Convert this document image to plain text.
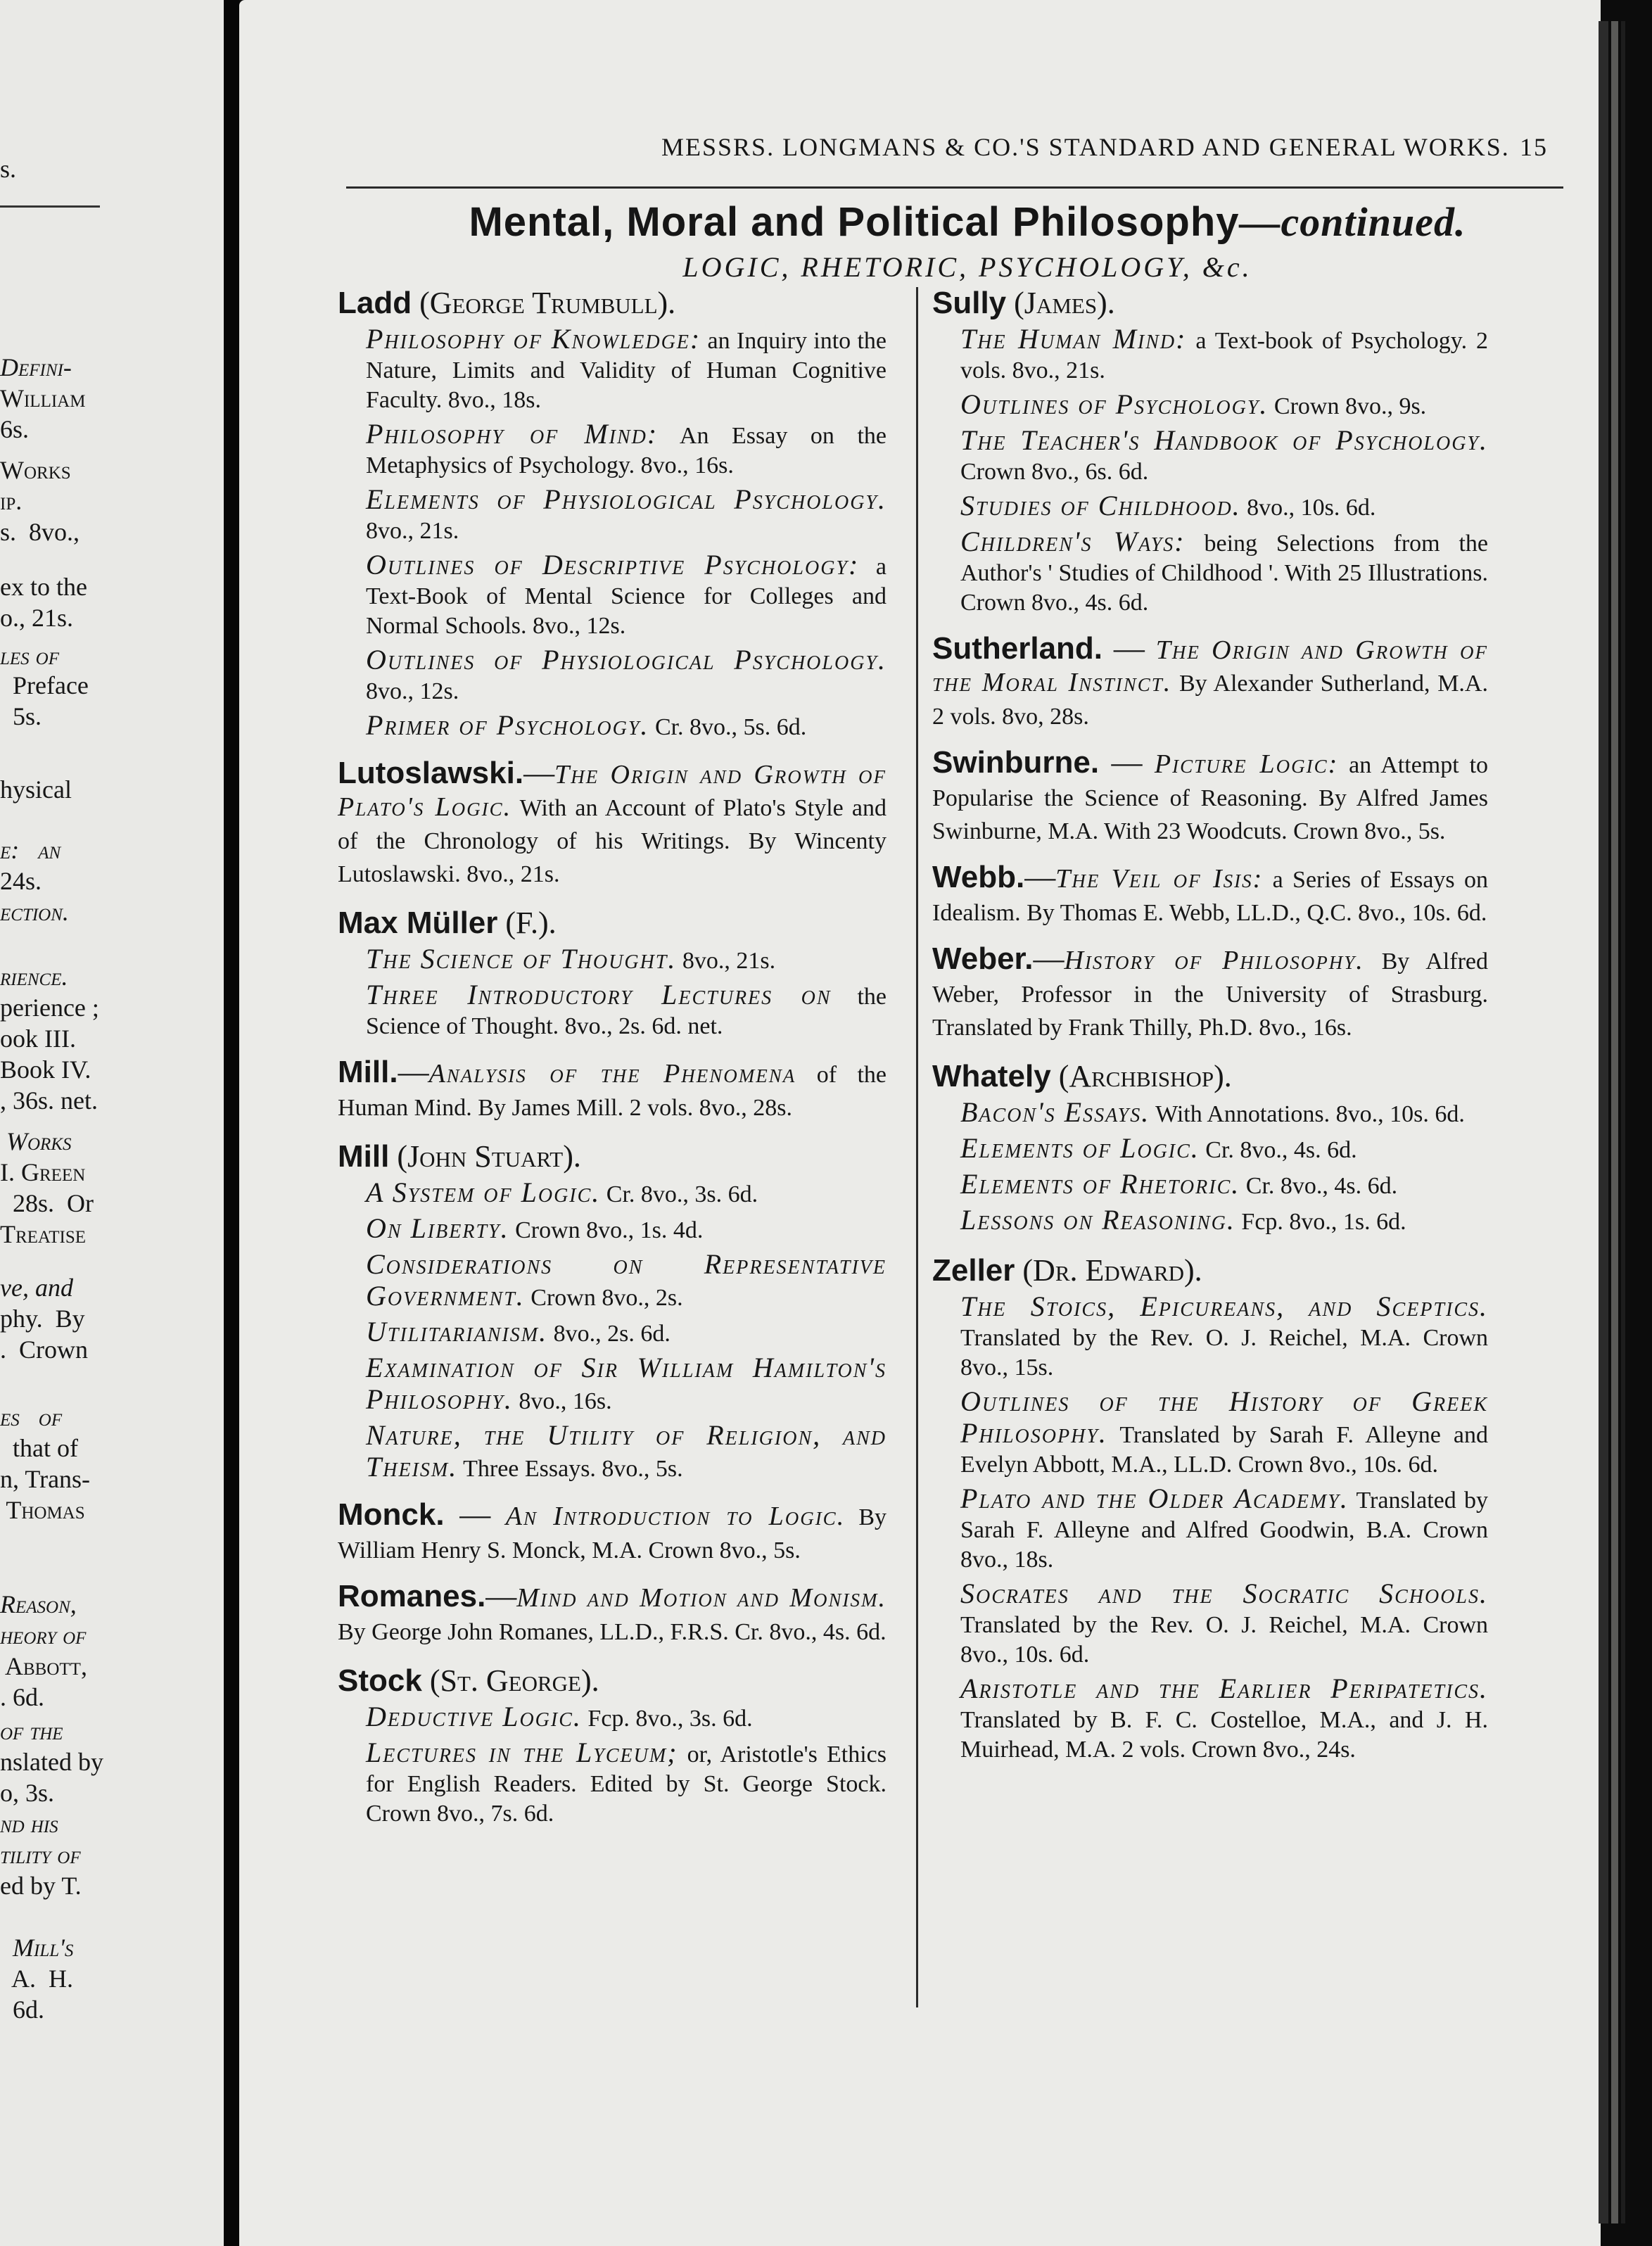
s.
Defini-
William
6s.
Works
ip.
s.  8vo.,
ex to the
o., 21s.
les of
Preface
5s.
hysical
e:   an
24s.
ection.
rience.
perience ;
ook III.
Book IV.
, 36s. net.
Works
I. Green
28s.  Or
Treatise
ve, and
phy.  By
.  Crown
es   of
that of
n, Trans-
Thomas
Reason,
heory of
Abbott,
. 6d.
of the
nslated by
o, 3s.
nd his
tility of
ed by T.
Mill's
A.  H.
6d.
MESSRS. LONGMANS & CO.'S STANDARD AND GENERAL WORKS. 15
Mental, Moral and Political Philosophy—continued.
LOGIC, RHETORIC, PSYCHOLOGY, &c.
Ladd (George Trumbull).
Philosophy of Knowledge: an Inquiry into the Nature, Limits and Validity of Human Cognitive Faculty. 8vo., 18s.
Philosophy of Mind: An Essay on the Metaphysics of Psychology. 8vo., 16s.
Elements of Physiological Psychology. 8vo., 21s.
Outlines of Descriptive Psychology: a Text-Book of Mental Science for Colleges and Normal Schools. 8vo., 12s.
Outlines of Physiological Psychology. 8vo., 12s.
Primer of Psychology. Cr. 8vo., 5s. 6d.
Lutoslawski.—The Origin and Growth of Plato's Logic. With an Account of Plato's Style and of the Chronology of his Writings. By Wincenty Lutoslawski. 8vo., 21s.
Max Müller (F.).
The Science of Thought. 8vo., 21s.
Three Introductory Lectures on the Science of Thought. 8vo., 2s. 6d. net.
Mill.—Analysis of the Phenomena of the Human Mind. By James Mill. 2 vols. 8vo., 28s.
Mill (John Stuart).
A System of Logic. Cr. 8vo., 3s. 6d.
On Liberty. Crown 8vo., 1s. 4d.
Considerations on Representative Government. Crown 8vo., 2s.
Utilitarianism. 8vo., 2s. 6d.
Examination of Sir William Hamilton's Philosophy. 8vo., 16s.
Nature, the Utility of Religion, and Theism. Three Essays. 8vo., 5s.
Monck. — An Introduction to Logic. By William Henry S. Monck, M.A. Crown 8vo., 5s.
Romanes.—Mind and Motion and Monism. By George John Romanes, LL.D., F.R.S. Cr. 8vo., 4s. 6d.
Stock (St. George).
Deductive Logic. Fcp. 8vo., 3s. 6d.
Lectures in the Lyceum; or, Aristotle's Ethics for English Readers. Edited by St. George Stock. Crown 8vo., 7s. 6d.
Sully (James).
The Human Mind: a Text-book of Psychology. 2 vols. 8vo., 21s.
Outlines of Psychology. Crown 8vo., 9s.
The Teacher's Handbook of Psychology. Crown 8vo., 6s. 6d.
Studies of Childhood. 8vo., 10s. 6d.
Children's Ways: being Selections from the Author's ' Studies of Childhood '. With 25 Illustrations. Crown 8vo., 4s. 6d.
Sutherland. — The Origin and Growth of the Moral Instinct. By Alexander Sutherland, M.A. 2 vols. 8vo, 28s.
Swinburne. — Picture Logic: an Attempt to Popularise the Science of Reasoning. By Alfred James Swinburne, M.A. With 23 Woodcuts. Crown 8vo., 5s.
Webb.—The Veil of Isis: a Series of Essays on Idealism. By Thomas E. Webb, LL.D., Q.C. 8vo., 10s. 6d.
Weber.—History of Philosophy. By Alfred Weber, Professor in the University of Strasburg. Translated by Frank Thilly, Ph.D. 8vo., 16s.
Whately (Archbishop).
Bacon's Essays. With Annotations. 8vo., 10s. 6d.
Elements of Logic. Cr. 8vo., 4s. 6d.
Elements of Rhetoric. Cr. 8vo., 4s. 6d.
Lessons on Reasoning. Fcp. 8vo., 1s. 6d.
Zeller (Dr. Edward).
The Stoics, Epicureans, and Sceptics. Translated by the Rev. O. J. Reichel, M.A. Crown 8vo., 15s.
Outlines of the History of Greek Philosophy. Translated by Sarah F. Alleyne and Evelyn Abbott, M.A., LL.D. Crown 8vo., 10s. 6d.
Plato and the Older Academy. Translated by Sarah F. Alleyne and Alfred Goodwin, B.A. Crown 8vo., 18s.
Socrates and the Socratic Schools. Translated by the Rev. O. J. Reichel, M.A. Crown 8vo., 10s. 6d.
Aristotle and the Earlier Peripatetics. Translated by B. F. C. Costelloe, M.A., and J. H. Muirhead, M.A. 2 vols. Crown 8vo., 24s.
